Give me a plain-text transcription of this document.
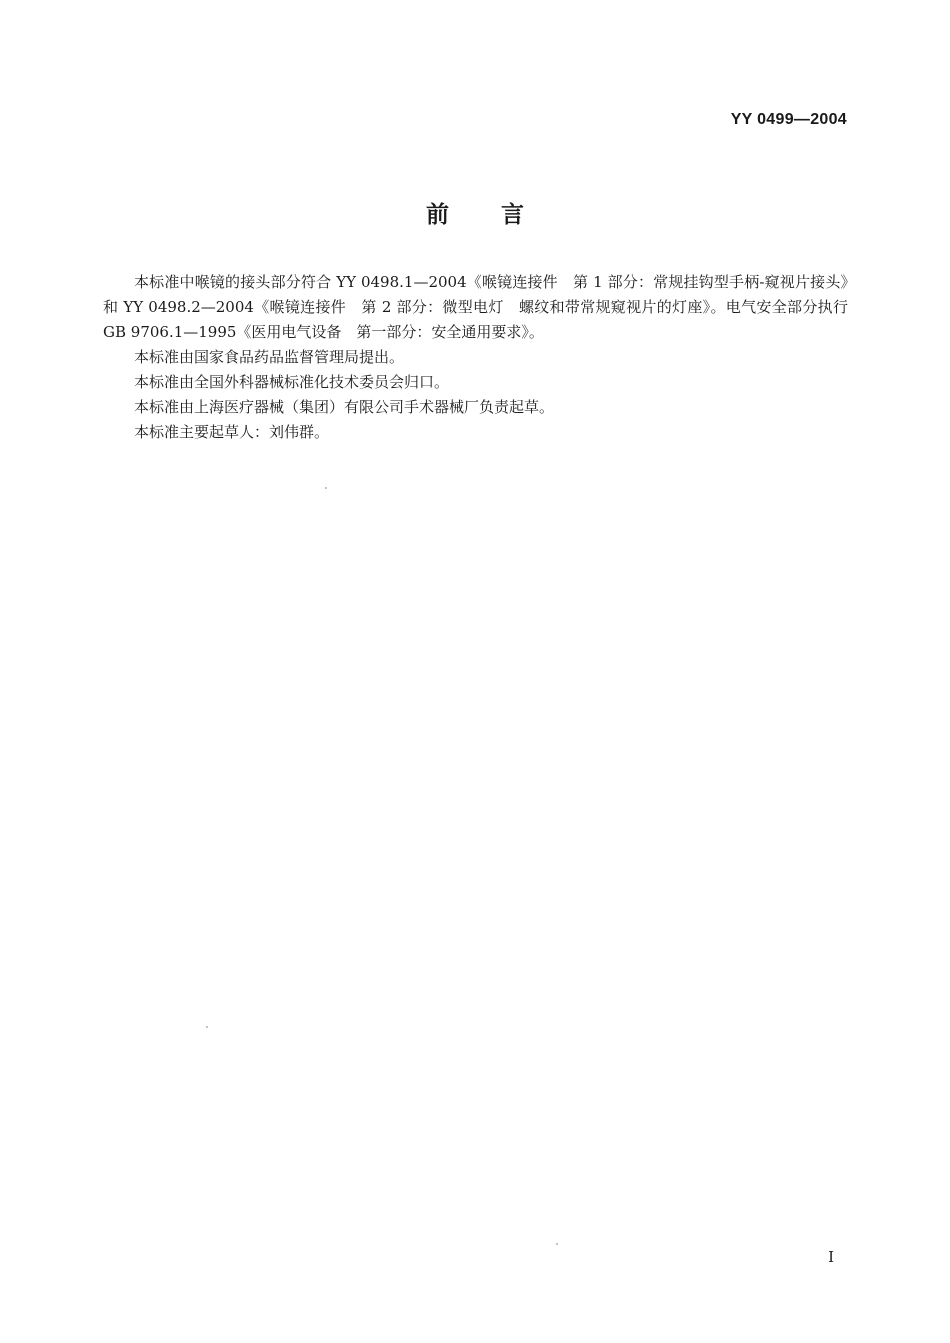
YY 0499—2004
前言

本标准中喉镜的接头部分符合 YY 0498.1—2004《喉镜连接件　第 1 部分：常规挂钩型手柄-窥视片接头》和 YY 0498.2—2004《喉镜连接件　第 2 部分：微型电灯　螺纹和带常规窥视片的灯座》。电气安全部分执行 GB 9706.1—1995《医用电气设备　第一部分：安全通用要求》。

本标准由国家食品药品监督管理局提出。

本标准由全国外科器械标准化技术委员会归口。

本标准由上海医疗器械（集团）有限公司手术器械厂负责起草。

本标准主要起草人：刘伟群。

I
